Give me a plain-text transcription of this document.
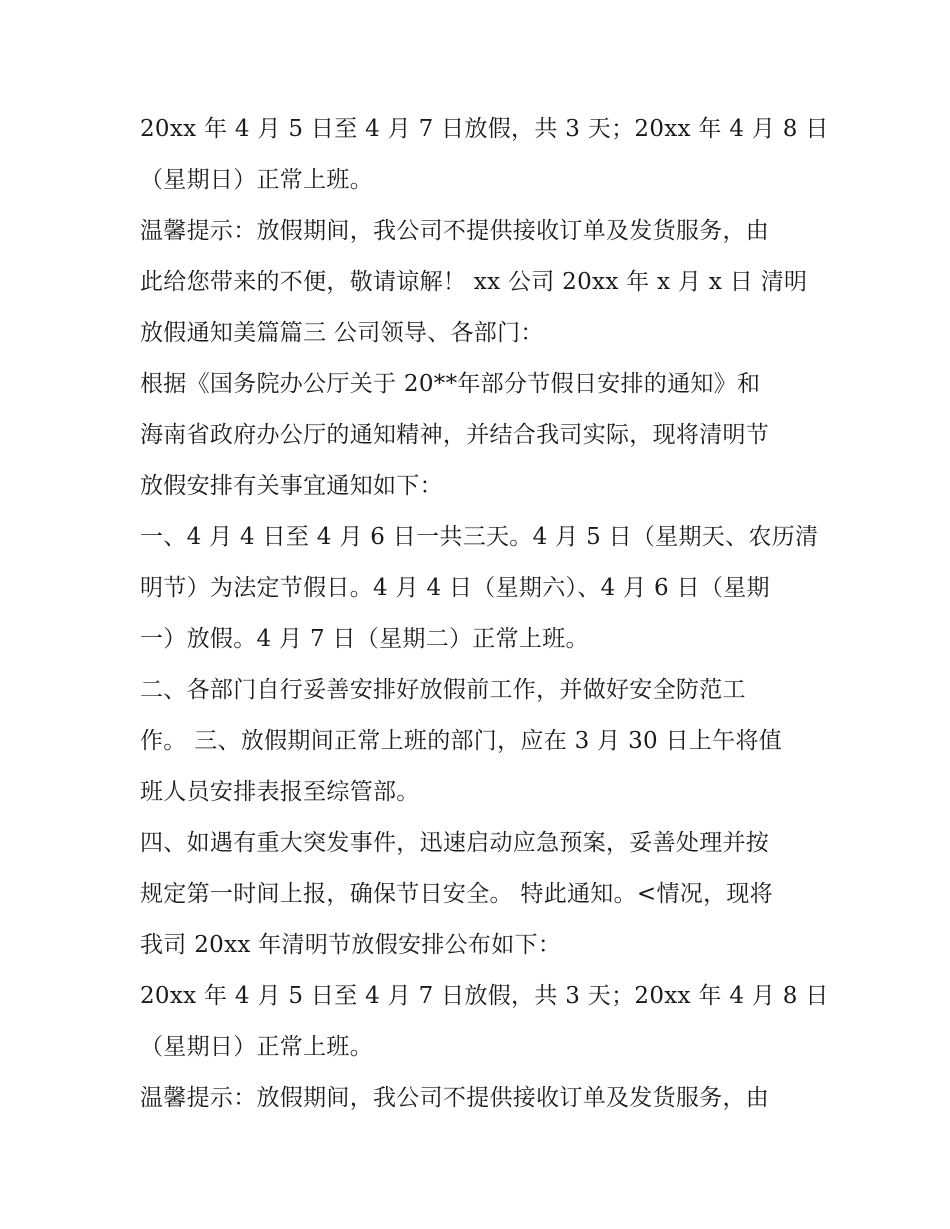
20xx 年 4 月 5 日至 4 月 7 日放假，共 3 天；20xx 年 4 月 8 日
（星期日）正常上班。
温馨提示：放假期间，我公司不提供接收订单及发货服务，由
此给您带来的不便，敬请谅解！ xx 公司 20xx 年 x 月 x 日 清明
放假通知美篇篇三 公司领导、各部门：
根据《国务院办公厅关于 20**年部分节假日安排的通知》和
海南省政府办公厅的通知精神，并结合我司实际，现将清明节
放假安排有关事宜通知如下：
一、4 月 4 日至 4 月 6 日一共三天。4 月 5 日（星期天、农历清
明节）为法定节假日。4 月 4 日（星期六）、4 月 6 日（星期
一）放假。4 月 7 日（星期二）正常上班。
二、各部门自行妥善安排好放假前工作，并做好安全防范工
作。 三、放假期间正常上班的部门，应在 3 月 30 日上午将值
班人员安排表报至综管部。
四、如遇有重大突发事件，迅速启动应急预案，妥善处理并按
规定第一时间上报，确保节日安全。 特此通知。<情况，现将
我司 20xx 年清明节放假安排公布如下：
20xx 年 4 月 5 日至 4 月 7 日放假，共 3 天；20xx 年 4 月 8 日
（星期日）正常上班。
温馨提示：放假期间，我公司不提供接收订单及发货服务，由
